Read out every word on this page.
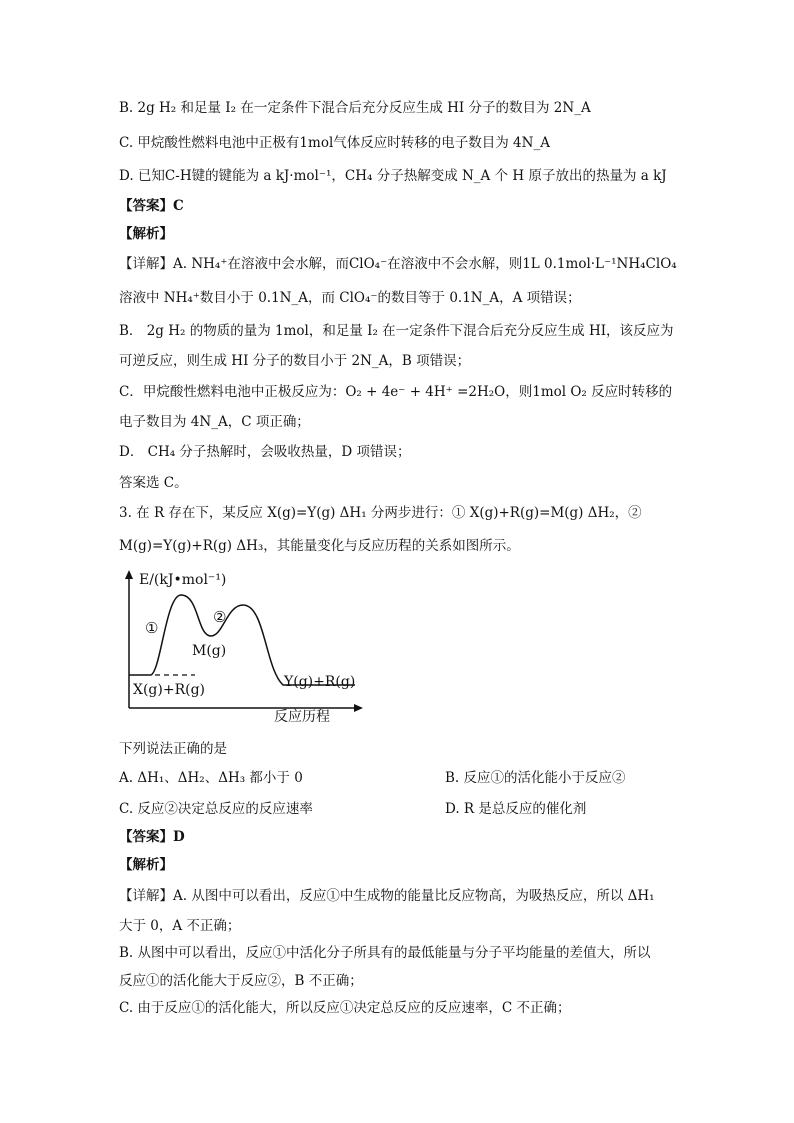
B. 2g H₂ 和足量 I₂ 在一定条件下混合后充分反应生成 HI 分子的数目为 2N_A
C. 甲烷酸性燃料电池中正极有1mol气体反应时转移的电子数目为 4N_A
D. 已知C-H键的键能为 a kJ·mol⁻¹，CH₄ 分子热解变成 N_A 个 H 原子放出的热量为 a kJ
【答案】C
【解析】
【详解】A. NH₄⁺在溶液中会水解，而ClO₄⁻在溶液中不会水解，则1L 0.1mol·L⁻¹NH₄ClO₄
溶液中 NH₄⁺数目小于 0.1N_A，而 ClO₄⁻的数目等于 0.1N_A，A 项错误；
B． 2g H₂ 的物质的量为 1mol，和足量 I₂ 在一定条件下混合后充分反应生成 HI，该反应为
可逆反应，则生成 HI 分子的数目小于 2N_A，B 项错误；
C．甲烷酸性燃料电池中正极反应为：O₂ + 4e⁻ + 4H⁺ =2H₂O，则1mol O₂ 反应时转移的
电子数目为 4N_A，C 项正确；
D． CH₄ 分子热解时，会吸收热量，D 项错误；
答案选 C。
3. 在 R 存在下，某反应 X(g)=Y(g) ΔH₁ 分两步进行：① X(g)+R(g)=M(g) ΔH₂，②
M(g)=Y(g)+R(g) ΔH₃，其能量变化与反应历程的关系如图所示。
E/(kJ•mol⁻¹)
反应历程
①
②
M(g)
X(g)+R(g)	Y(g)+R(g)
下列说法正确的是
A. ΔH₁、ΔH₂、ΔH₃ 都小于 0	B. 反应①的活化能小于反应②
C. 反应②决定总反应的反应速率	D. R 是总反应的催化剂
【答案】D
【解析】
【详解】A. 从图中可以看出，反应①中生成物的能量比反应物高，为吸热反应，所以 ΔH₁
大于 0，A 不正确；
B. 从图中可以看出，反应①中活化分子所具有的最低能量与分子平均能量的差值大，所以
反应①的活化能大于反应②，B 不正确；
C. 由于反应①的活化能大，所以反应①决定总反应的反应速率，C 不正确；
